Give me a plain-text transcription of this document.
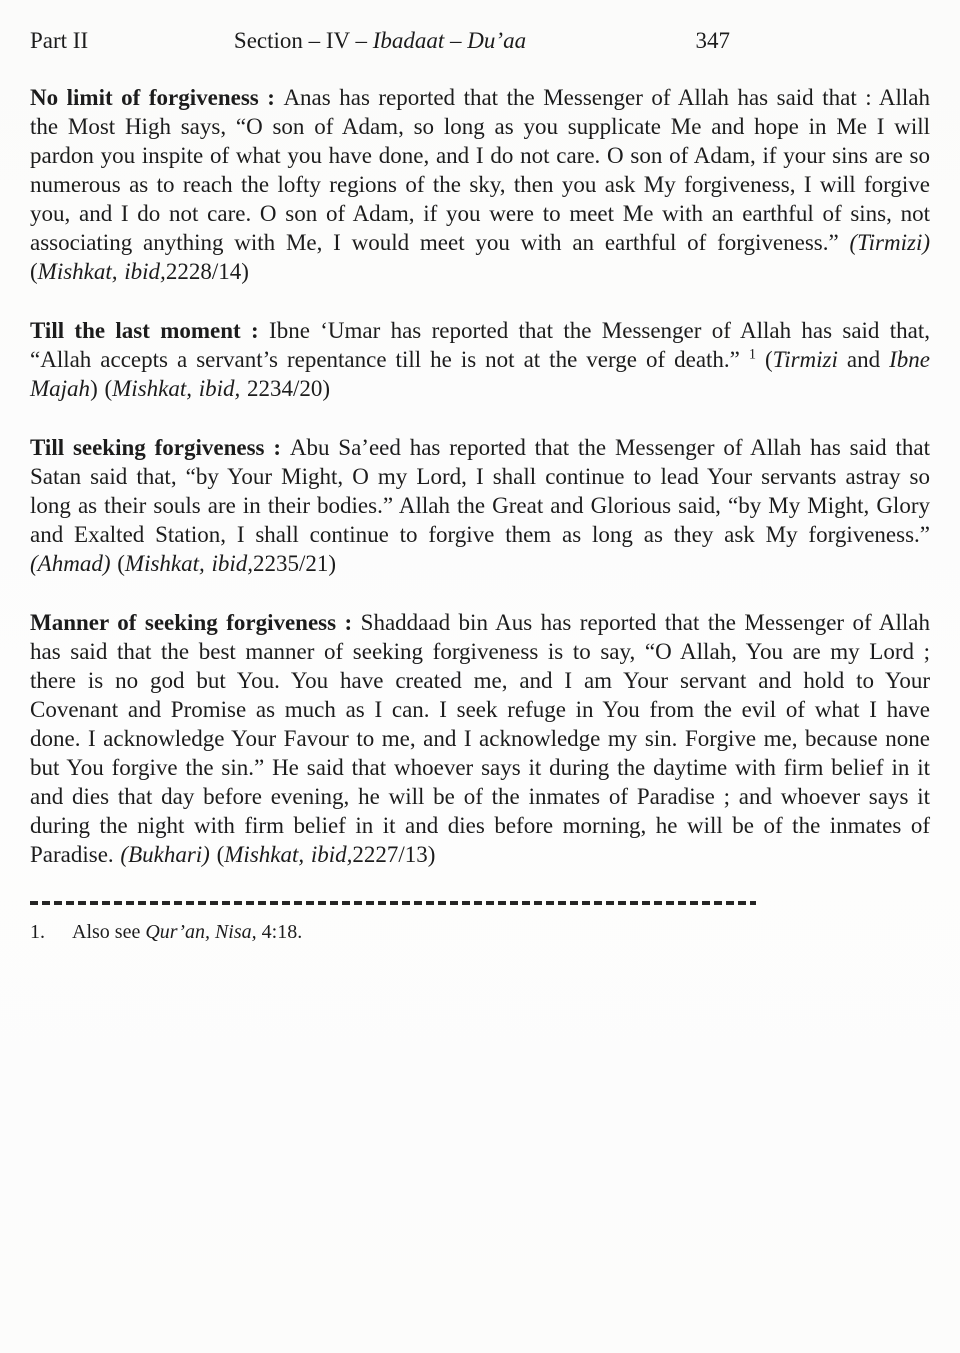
Part II	Section – IV – Ibadaat – Du’aa	347

No limit of forgiveness : Anas has reported that the Messenger of Allah has said that : Allah the Most High says, “O son of Adam, so long as you supplicate Me and hope in Me I will pardon you inspite of what you have done, and I do not care. O son of Adam, if your sins are so numerous as to reach the lofty regions of the sky, then you ask My forgiveness, I will forgive you, and I do not care. O son of Adam, if you were to meet Me with an earthful of sins, not associating anything with Me, I would meet you with an earthful of forgiveness.” (Tirmizi) (Mishkat, ibid,2228/14)

Till the last moment : Ibne ‘Umar has reported that the Messenger of Allah has said that, “Allah accepts a servant’s repentance till he is not at the verge of death.” $^1$ (Tirmizi and Ibne Majah) (Mishkat, ibid, 2234/20)

Till seeking forgiveness : Abu Sa’eed has reported that the Messenger of Allah has said that Satan said that, “by Your Might, O my Lord, I shall continue to lead Your servants astray so long as their souls are in their bodies.” Allah the Great and Glorious said, “by My Might, Glory and Exalted Station, I shall continue to forgive them as long as they ask My forgiveness.” (Ahmad) (Mishkat, ibid,2235/21)

Manner of seeking forgiveness : Shaddaad bin Aus has reported that the Messenger of Allah has said that the best manner of seeking forgiveness is to say, “O Allah, You are my Lord ; there is no god but You. You have created me, and I am Your servant and hold to Your Covenant and Promise as much as I can. I seek refuge in You from the evil of what I have done. I acknowledge Your Favour to me, and I acknowledge my sin. Forgive me, because none but You forgive the sin.” He said that whoever says it during the daytime with firm belief in it and dies that day before evening, he will be of the inmates of Paradise ; and whoever says it during the night with firm belief in it and dies before morning, he will be of the inmates of Paradise. (Bukhari) (Mishkat, ibid,2227/13)

1. Also see Qur’an, Nisa, 4:18.
